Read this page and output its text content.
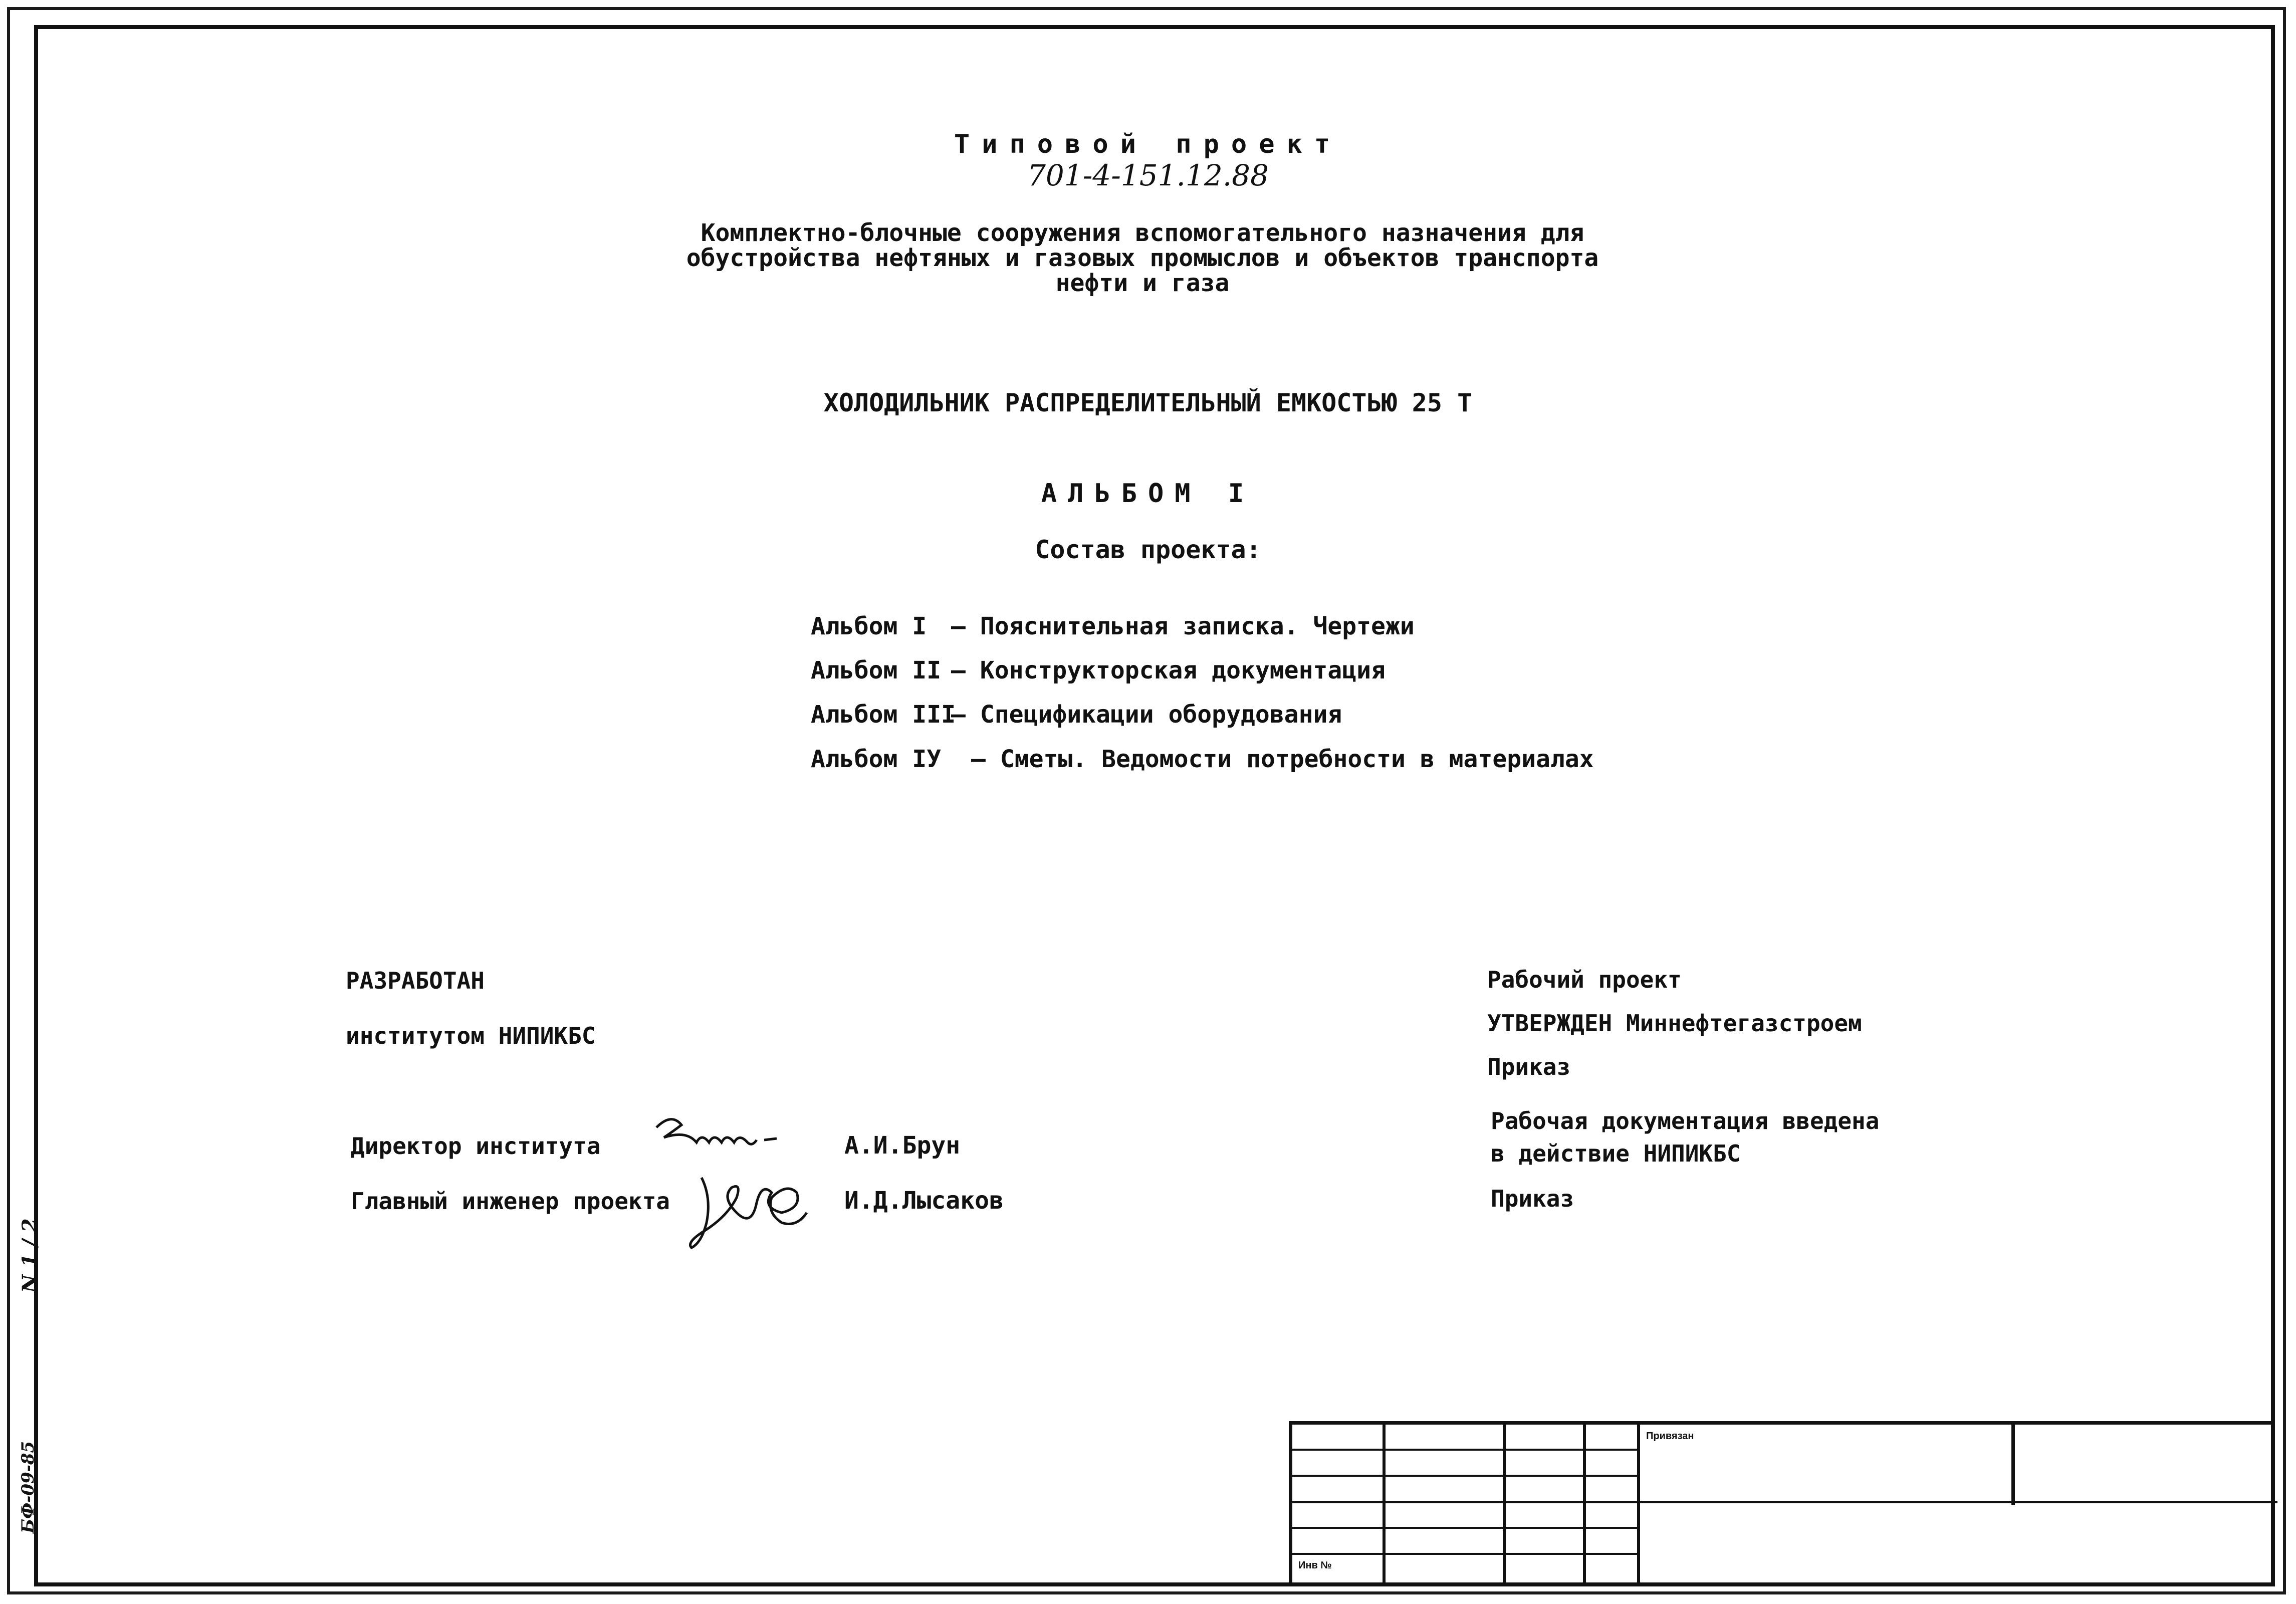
Типовой проект
701-4-151.12.88
Комплектно-блочные сооружения вспомогательного назначения для обустройства нефтяных и газовых промыслов и объектов транспорта нефти и газа
ХОЛОДИЛЬНИК РАСПРЕДЕЛИТЕЛЬНЫЙ ЕМКОСТЬЮ 25 Т
АЛЬБОМ I
Состав проекта:
Альбом I – Пояснительная записка. Чертежи
Альбом II – Конструкторская документация
Альбом III
– Спецификации оборудования
Альбом IУ – Сметы. Ведомости потребности в материалах
РАЗРАБОТАН
институтом НИПИКБС
Директор института	А.И.Брун
Главный инженер проекта	И.Д.Лысаков
Рабочий проект
УТВЕРЖДЕН Миннефтегазстроем
Приказ
Рабочая документация введена
в действие НИПИКБС
Приказ
Привязан
Инв №
N 1 / 2
БФ-09-85
